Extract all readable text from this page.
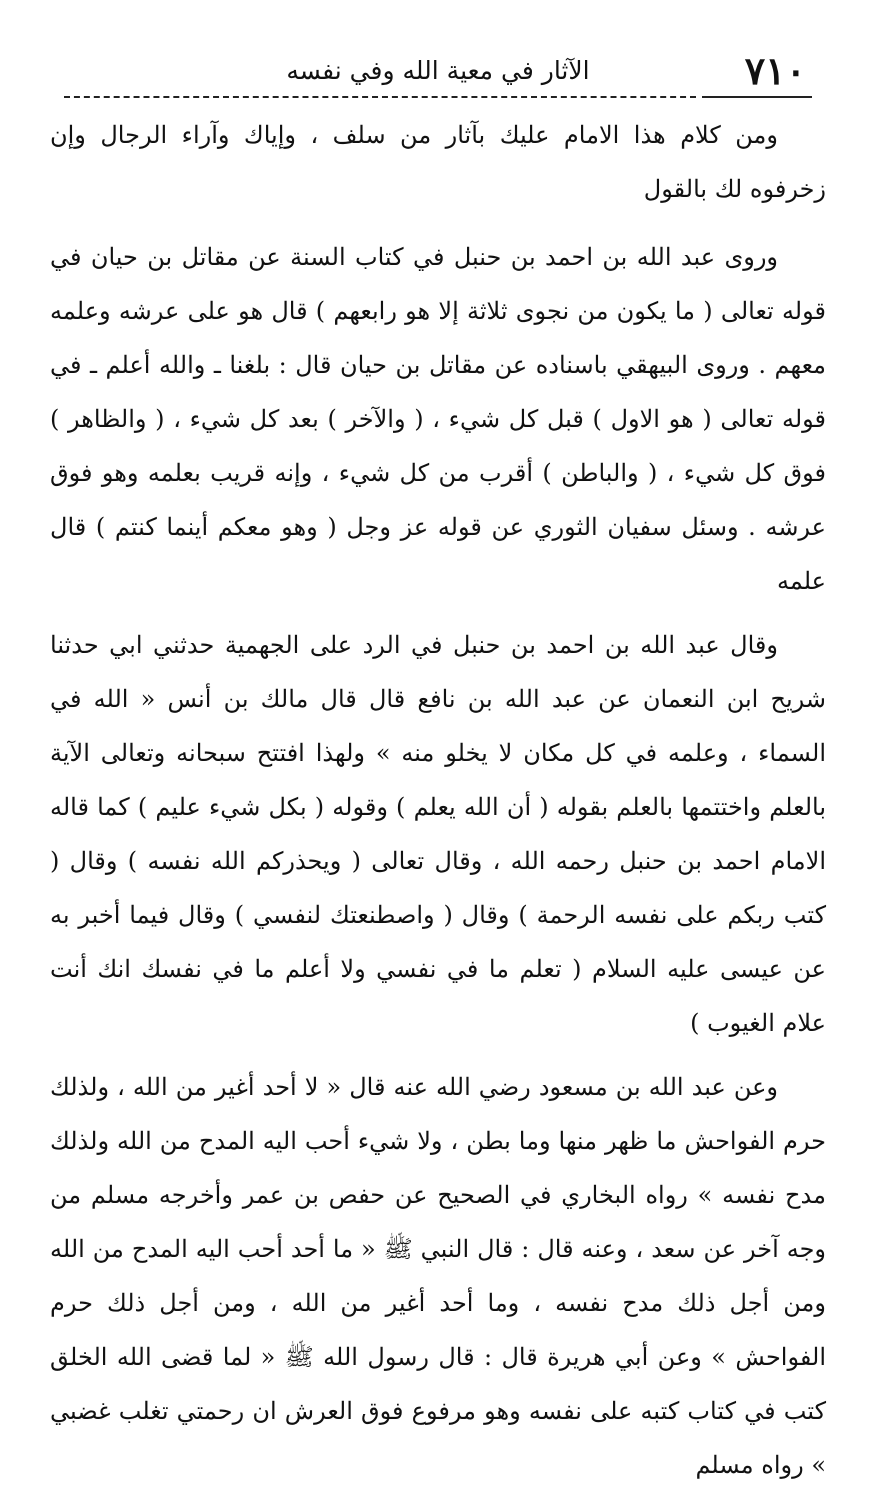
٧١٠
الآثار في معية الله وفي نفسه

ومن كلام هذا الامام عليك بآثار من سلف ، وإياك وآراء الرجال وإن زخرفوه لك بالقول

وروى عبد الله بن احمد بن حنبل في كتاب السنة عن مقاتل بن حيان في قوله تعالى ( ما يكون من نجوى ثلاثة إلا هو رابعهم ) قال هو على عرشه وعلمه معهم . وروى البيهقي باسناده عن مقاتل بن حيان قال : بلغنا ـ والله أعلم ـ في قوله تعالى ( هو الاول ) قبل كل شيء ، ( والآخر ) بعد كل شيء ، ( والظاهر ) فوق كل شيء ، ( والباطن ) أقرب من كل شيء ، وإنه قريب بعلمه وهو فوق عرشه . وسئل سفيان الثوري عن قوله عز وجل ( وهو معكم أينما كنتم ) قال علمه

وقال عبد الله بن احمد بن حنبل في الرد على الجهمية حدثني ابي حدثنا شريح ابن النعمان عن عبد الله بن نافع قال قال مالك بن أنس « الله في السماء ، وعلمه في كل مكان لا يخلو منه » ولهذا افتتح سبحانه وتعالى الآية بالعلم واختتمها بالعلم بقوله ( أن الله يعلم ) وقوله ( بكل شيء عليم ) كما قاله الامام احمد بن حنبل رحمه الله ، وقال تعالى ( ويحذركم الله نفسه ) وقال ( كتب ربكم على نفسه الرحمة ) وقال ( واصطنعتك لنفسي ) وقال فيما أخبر به عن عيسى عليه السلام ( تعلم ما في نفسي ولا أعلم ما في نفسك انك أنت علام الغيوب )

وعن عبد الله بن مسعود رضي الله عنه قال « لا أحد أغير من الله ، ولذلك حرم الفواحش ما ظهر منها وما بطن ، ولا شيء أحب اليه المدح من الله ولذلك مدح نفسه » رواه البخاري في الصحيح عن حفص بن عمر وأخرجه مسلم من وجه آخر عن سعد ، وعنه قال : قال النبي ﷺ « ما أحد أحب اليه المدح من الله ومن أجل ذلك مدح نفسه ، وما أحد أغير من الله ، ومن أجل ذلك حرم الفواحش » وعن أبي هريرة قال : قال رسول الله ﷺ « لما قضى الله الخلق كتب في كتاب كتبه على نفسه وهو مرفوع فوق العرش ان رحمتي تغلب غضبي » رواه مسلم
